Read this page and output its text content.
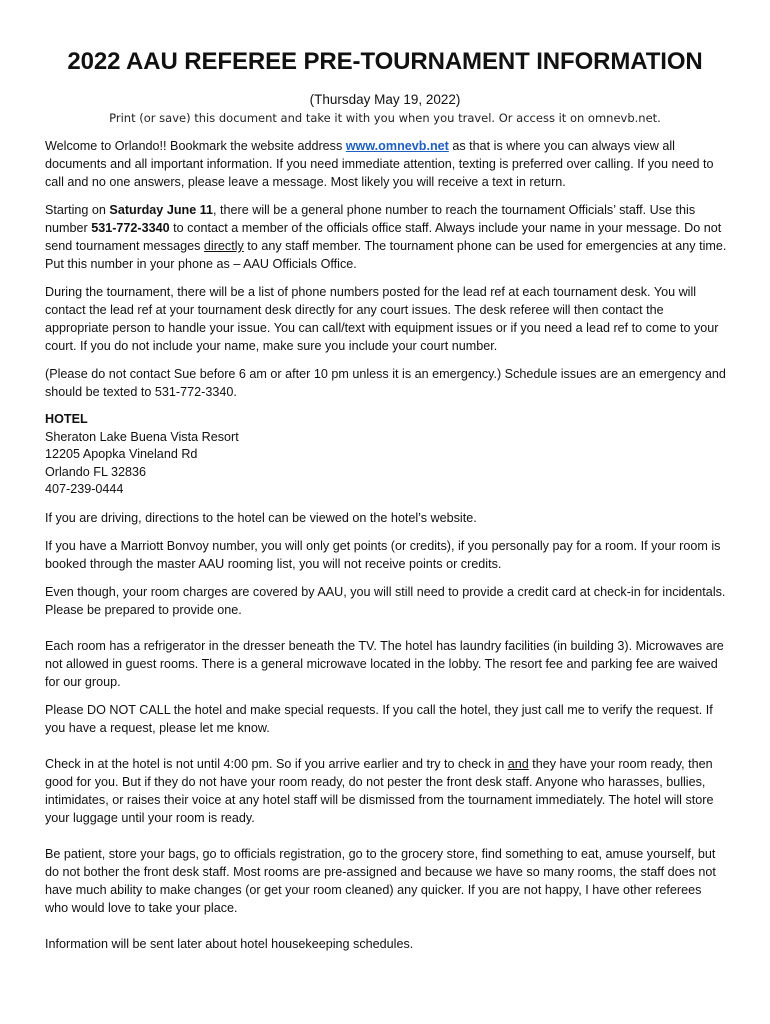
2022 AAU REFEREE PRE-TOURNAMENT INFORMATION
(Thursday May 19, 2022)
Print (or save) this document and take it with you when you travel. Or access it on omnevb.net.

Welcome to Orlando!! Bookmark the website address www.omnevb.net as that is where you can always view all documents and all important information. If you need immediate attention, texting is preferred over calling. If you need to call and no one answers, please leave a message. Most likely you will receive a text in return.

Starting on Saturday June 11, there will be a general phone number to reach the tournament Officials’ staff. Use this number 531-772-3340 to contact a member of the officials office staff. Always include your name in your message. Do not send tournament messages directly to any staff member. The tournament phone can be used for emergencies at any time. Put this number in your phone as – AAU Officials Office.

During the tournament, there will be a list of phone numbers posted for the lead ref at each tournament desk. You will contact the lead ref at your tournament desk directly for any court issues. The desk referee will then contact the appropriate person to handle your issue. You can call/text with equipment issues or if you need a lead ref to come to your court. If you do not include your name, make sure you include your court number.

(Please do not contact Sue before 6 am or after 10 pm unless it is an emergency.) Schedule issues are an emergency and should be texted to 531-772-3340.

HOTEL
Sheraton Lake Buena Vista Resort
12205 Apopka Vineland Rd
Orlando FL 32836
407-239-0444

If you are driving, directions to the hotel can be viewed on the hotel’s website.

If you have a Marriott Bonvoy number, you will only get points (or credits), if you personally pay for a room. If your room is booked through the master AAU rooming list, you will not receive points or credits.

Even though, your room charges are covered by AAU, you will still need to provide a credit card at check-in for incidentals. Please be prepared to provide one.

Each room has a refrigerator in the dresser beneath the TV. The hotel has laundry facilities (in building 3). Microwaves are not allowed in guest rooms. There is a general microwave located in the lobby. The resort fee and parking fee are waived for our group.

Please DO NOT CALL the hotel and make special requests. If you call the hotel, they just call me to verify the request. If you have a request, please let me know.

Check in at the hotel is not until 4:00 pm. So if you arrive earlier and try to check in and they have your room ready, then good for you. But if they do not have your room ready, do not pester the front desk staff. Anyone who harasses, bullies, intimidates, or raises their voice at any hotel staff will be dismissed from the tournament immediately. The hotel will store your luggage until your room is ready.

Be patient, store your bags, go to officials registration, go to the grocery store, find something to eat, amuse yourself, but do not bother the front desk staff. Most rooms are pre-assigned and because we have so many rooms, the staff does not have much ability to make changes (or get your room cleaned) any quicker. If you are not happy, I have other referees who would love to take your place.

Information will be sent later about hotel housekeeping schedules.
